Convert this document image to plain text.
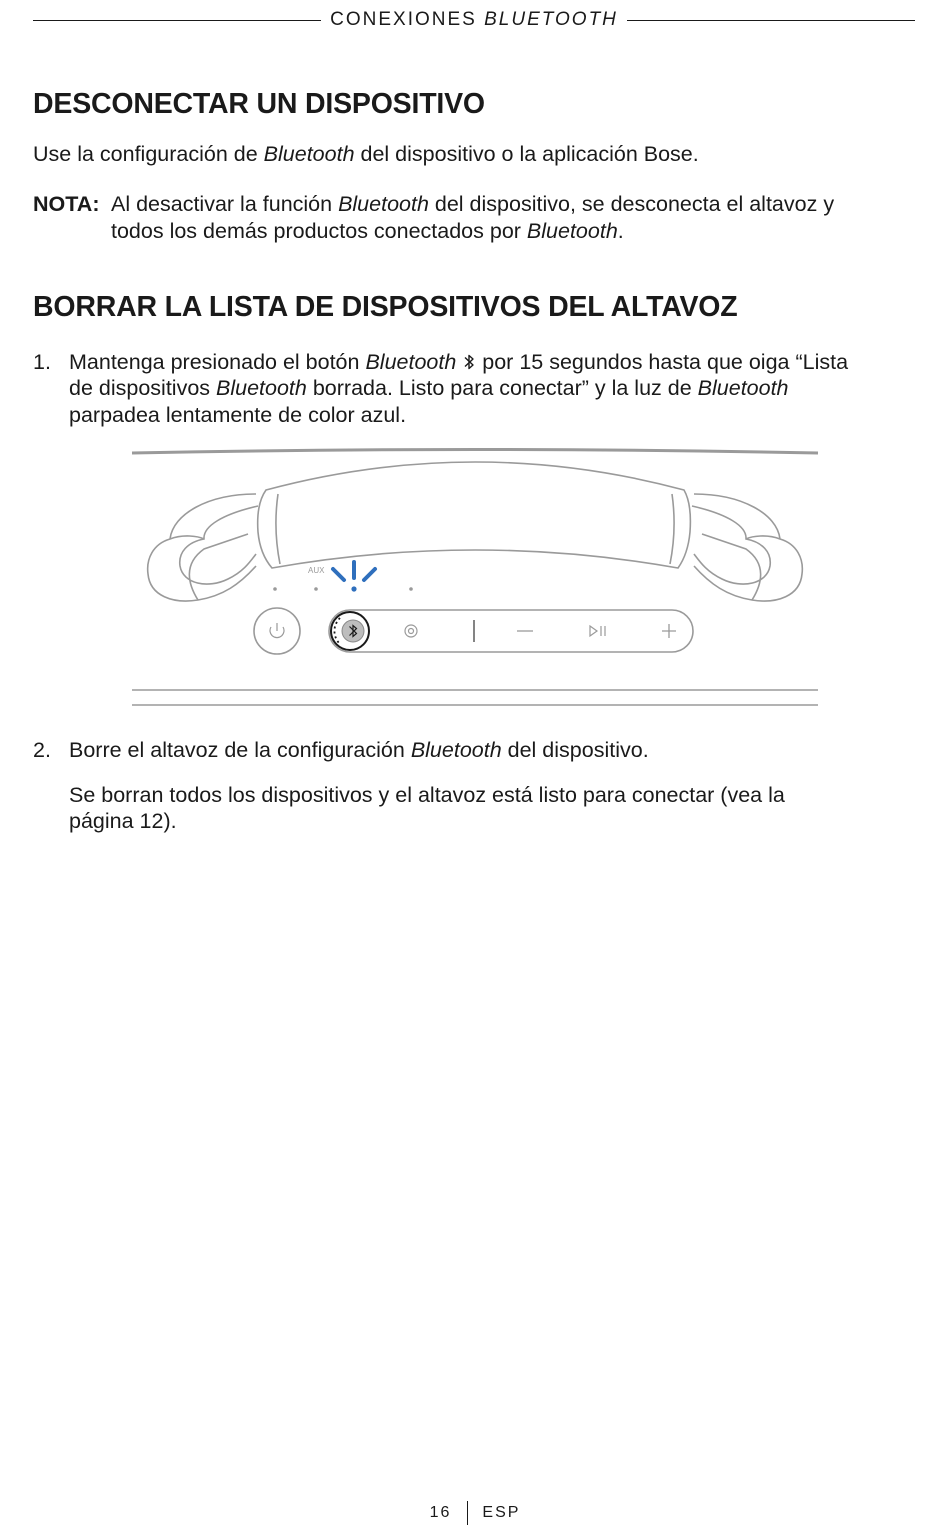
CONEXIONES BLUETOOTH
DESCONECTAR UN DISPOSITIVO
Use la configuración de Bluetooth del dispositivo o la aplicación Bose.
NOTA: Al desactivar la función Bluetooth del dispositivo, se desconecta el altavoz y
todos los demás productos conectados por Bluetooth.
BORRAR LA LISTA DE DISPOSITIVOS DEL ALTAVOZ
1. Mantenga presionado el botón Bluetooth  por 15 segundos hasta que oiga “Lista
de dispositivos Bluetooth borrada. Listo para conectar” y la luz de Bluetooth
parpadea lentamente de color azul.
AUX
2. Borre el altavoz de la configuración Bluetooth del dispositivo.
Se borran todos los dispositivos y el altavoz está listo para conectar (vea la
página 12).
16 ESP
